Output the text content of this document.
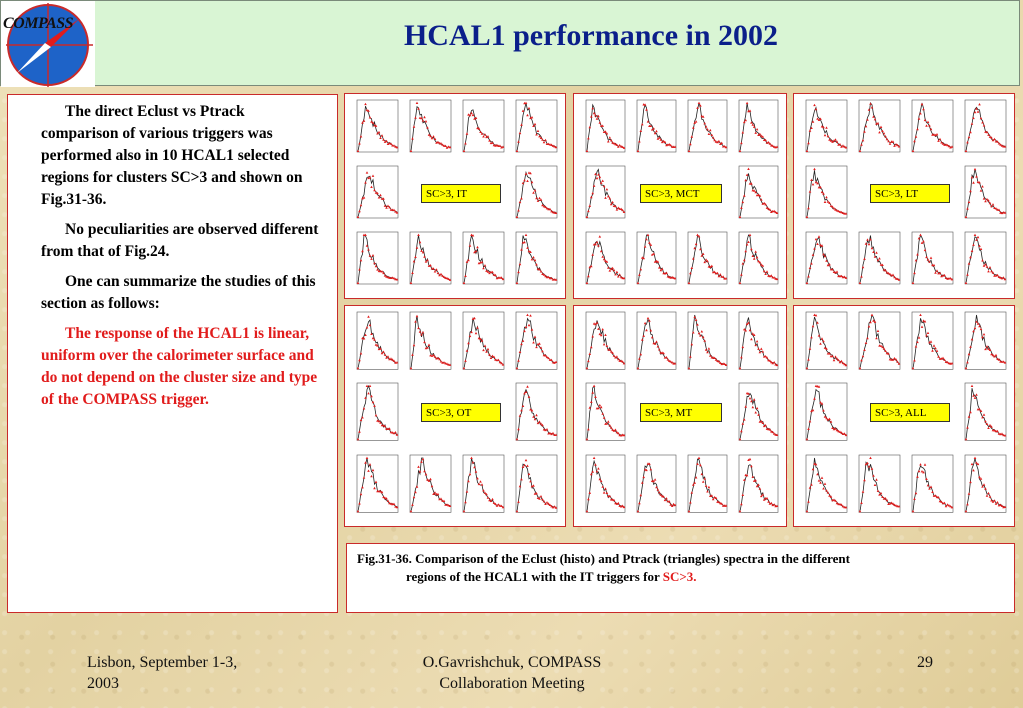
COMPASS	HCAL1 performance in 2002

The direct Eclust vs Ptrack comparison of various triggers was performed also in 10 HCAL1 selected regions for clusters SC>3 and shown on Fig.31-36.

No peculiarities are observed different from that of Fig.24.

One can summarize the studies of this section as follows:

The response of the HCAL1 is linear, uniform over the calorimeter surface and do not depend on the cluster size and type of the COMPASS trigger.

SC>3, IT	SC>3, MCT	SC>3, LT
SC>3, OT	SC>3, MT	SC>3, ALL
Fig.31-36. Comparison of the Eclust (histo) and Ptrack (triangles) spectra in the different
regions of the HCAL1 with the IT triggers for SC>3.
Lisbon, September 1-3,
2003
O.Gavrishchuk, COMPASS
Collaboration Meeting
29
